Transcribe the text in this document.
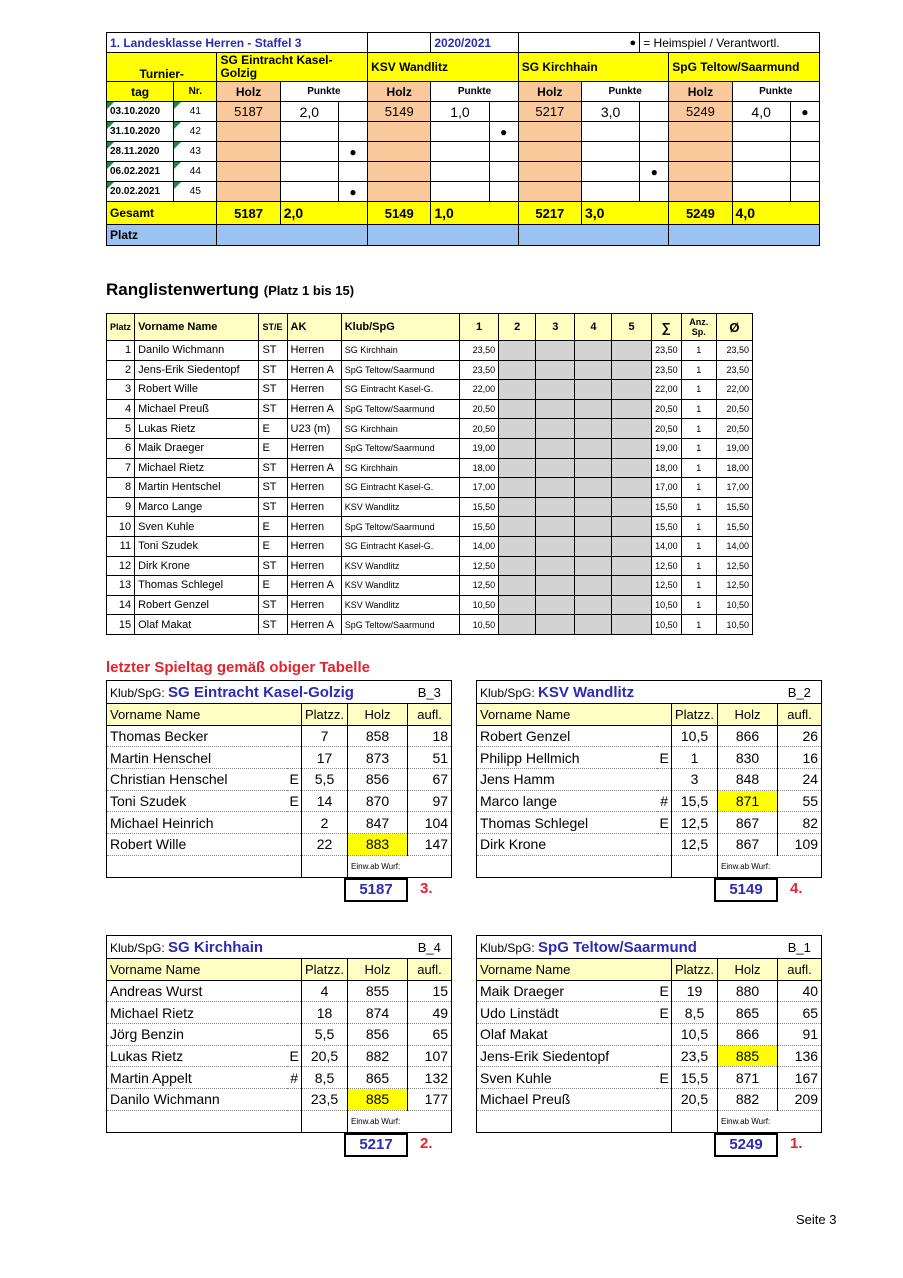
1. Landesklasse Herren - Staffel 3						2020/2021		●		= Heimspiel / Verantwortl.			
Turnier-		SG Eintracht Kasel-Golzig			KSV Wandlitz			SG Kirchhain			SpG Teltow/Saarmund		

tag	Nr.	Holz	Punkte		Holz	Punkte		Holz	Punkte		Holz	Punkte	
03.10.2020	41	5187	2,0		5149	1,0		5217	3,0		5249	4,0	●
31.10.2020	42						●						
28.11.2020	43			●									
06.02.2021	44									●			
20.02.2021	45			●									
Gesamt		5187	2,0		5149	1,0		5217	3,0		5249	4,0	
Platz													
Ranglistenwertung (Platz 1 bis 15)
Platz	Vorname Name	ST/E	AK	Klub/SpG	1	2	3	4	5	∑	Anz. Sp.	Ø
1	Danilo Wichmann	ST	Herren	SG Kirchhain	23,50					23,50	1	23,50
2	Jens-Erik Siedentopf	ST	Herren A	SpG Teltow/Saarmund	23,50					23,50	1	23,50
3	Robert Wille	ST	Herren	SG Eintracht Kasel-G.	22,00					22,00	1	22,00
4	Michael Preuß	ST	Herren A	SpG Teltow/Saarmund	20,50					20,50	1	20,50
5	Lukas Rietz	E	U23 (m)	SG Kirchhain	20,50					20,50	1	20,50
6	Maik Draeger	E	Herren	SpG Teltow/Saarmund	19,00					19,00	1	19,00
7	Michael Rietz	ST	Herren A	SG Kirchhain	18,00					18,00	1	18,00
8	Martin Hentschel	ST	Herren	SG Eintracht Kasel-G.	17,00					17,00	1	17,00
9	Marco Lange	ST	Herren	KSV Wandlitz	15,50					15,50	1	15,50
10	Sven Kuhle	E	Herren	SpG Teltow/Saarmund	15,50					15,50	1	15,50
11	Toni Szudek	E	Herren	SG Eintracht Kasel-G.	14,00					14,00	1	14,00
12	Dirk Krone	ST	Herren	KSV Wandlitz	12,50					12,50	1	12,50
13	Thomas Schlegel	E	Herren A	KSV Wandlitz	12,50					12,50	1	12,50
14	Robert Genzel	ST	Herren	KSV Wandlitz	10,50					10,50	1	10,50
15	Olaf Makat	ST	Herren A	SpG Teltow/Saarmund	10,50					10,50	1	10,50
letzter Spieltag gemäß obiger Tabelle
Klub/SpG: SG Eintracht Kasel-Golzig				B_3
Vorname Name		Platzz.	Holz	aufl.
Thomas Becker		7	858	18
Martin Henschel		17	873	51
Christian Henschel	E	5,5	856	67
Toni Szudek	E	14	870	97
Michael Heinrich		2	847	104
Robert Wille		22	883	147
			Einw.ab Wurf:	
5187	3.
Klub/SpG: KSV Wandlitz				B_2
Vorname Name		Platzz.	Holz	aufl.
Robert Genzel		10,5	866	26
Philipp Hellmich	E	1	830	16
Jens Hamm		3	848	24
Marco lange	#	15,5	871	55
Thomas Schlegel	E	12,5	867	82
Dirk Krone		12,5	867	109
			Einw.ab Wurf:	
5149	4.
Klub/SpG: SG Kirchhain				B_4
Vorname Name		Platzz.	Holz	aufl.
Andreas Wurst		4	855	15
Michael Rietz		18	874	49
Jörg Benzin		5,5	856	65
Lukas Rietz	E	20,5	882	107
Martin Appelt	#	8,5	865	132
Danilo Wichmann		23,5	885	177
			Einw.ab Wurf:	
5217	2.
Klub/SpG: SpG Teltow/Saarmund				B_1
Vorname Name		Platzz.	Holz	aufl.
Maik Draeger	E	19	880	40
Udo Linstädt	E	8,5	865	65
Olaf Makat		10,5	866	91
Jens-Erik Siedentopf		23,5	885	136
Sven Kuhle	E	15,5	871	167
Michael Preuß		20,5	882	209
			Einw.ab Wurf:	
5249	1.
Seite 3
